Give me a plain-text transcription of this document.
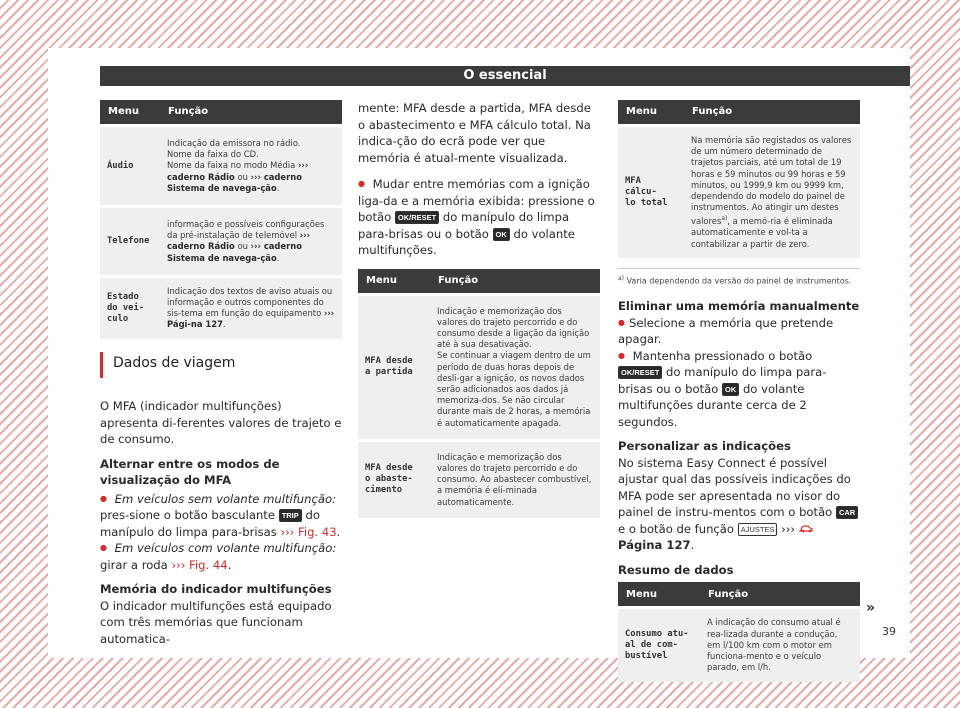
O essencial
Menu	Função
Áudio	Indicação da emissora no rádio.
Nome da faixa do CD.
Nome da faixa no modo Média ››› caderno Rádio ou ››› caderno Sistema de navega-ção.
Telefone	informação e possíveis configurações da pré-instalação de telemóvel ››› caderno Rádio ou ››› caderno Sistema de navega-ção.
Estado
do vei-
culo	Indicação dos textos de aviso atuais ou informação e outros componentes do sis-tema em função do equipamento ››› Pági-na 127.
Dados de viagem

O MFA (indicador multifunções) apresenta di-ferentes valores de trajeto e de consumo.

Alternar entre os modos de visualização do MFA

● Em veículos sem volante multifunção: pres-sione o botão basculante TRIP do manípulo do limpa para-brisas ››› Fig. 43.

● Em veículos com volante multifunção: girar a roda ››› Fig. 44.

Memória do indicador multifunções

O indicador multifunções está equipado com três memórias que funcionam automatica-

mente: MFA desde a partida, MFA desde o abastecimento e MFA cálculo total. Na indica-ção do ecrã pode ver que memória é atual-mente visualizada.

● Mudar entre memórias com a ignição liga-da e a memória exibida: pressione o botão OK/RESET do manípulo do limpa para-brisas ou o botão OK do volante multifunções.

Menu	Função
MFA desde
a partida	Indicação e memorização dos valores do trajeto percorrido e do consumo desde a ligação da ignição até à sua desativação.
Se continuar a viagem dentro de um período de duas horas depois de desli-gar a ignição, os novos dados serão adicionados aos dados já memoriza-dos. Se não circular durante mais de 2 horas, a memória é automaticamente apagada.
MFA desde
o abaste-
cimento	Indicação e memorização dos valores do trajeto percorrido e do consumo. Ao abastecer combustível, a memória é eli-minada automaticamente.
Menu	Função
MFA cálcu-
lo total	Na memória são registados os valores de um número determinado de trajetos parciais, até um total de 19 horas e 59 minutos ou 99 horas e 59 minutos, ou 1999,9 km ou 9999 km, dependendo do modelo do painel de instrumentos. Ao atingir um destes valores$^{a)}$, a memó-ria é eliminada automaticamente e vol-ta a contabilizar a partir de zero.

$^{a)}$ Varia dependendo da versão do painel de instrumentos.

Eliminar uma memória manualmente

● Selecione a memória que pretende apagar.

● Mantenha pressionado o botão OK/RESET do manípulo do limpa para-brisas ou o botão OK do volante multifunções durante cerca de 2 segundos.

Personalizar as indicações

No sistema Easy Connect é possível ajustar qual das possíveis indicações do MFA pode ser apresentada no visor do painel de instru-mentos com o botão CAR e o botão de função AJUSTES ›››  Página 127.

Resumo de dados

Menu	Função
Consumo atu-
al de com-
bustível	A indicação do consumo atual é rea-lizada durante a condução, em l/100 km com o motor em funciona-mento e o veículo parado, em l/h.
»
39
